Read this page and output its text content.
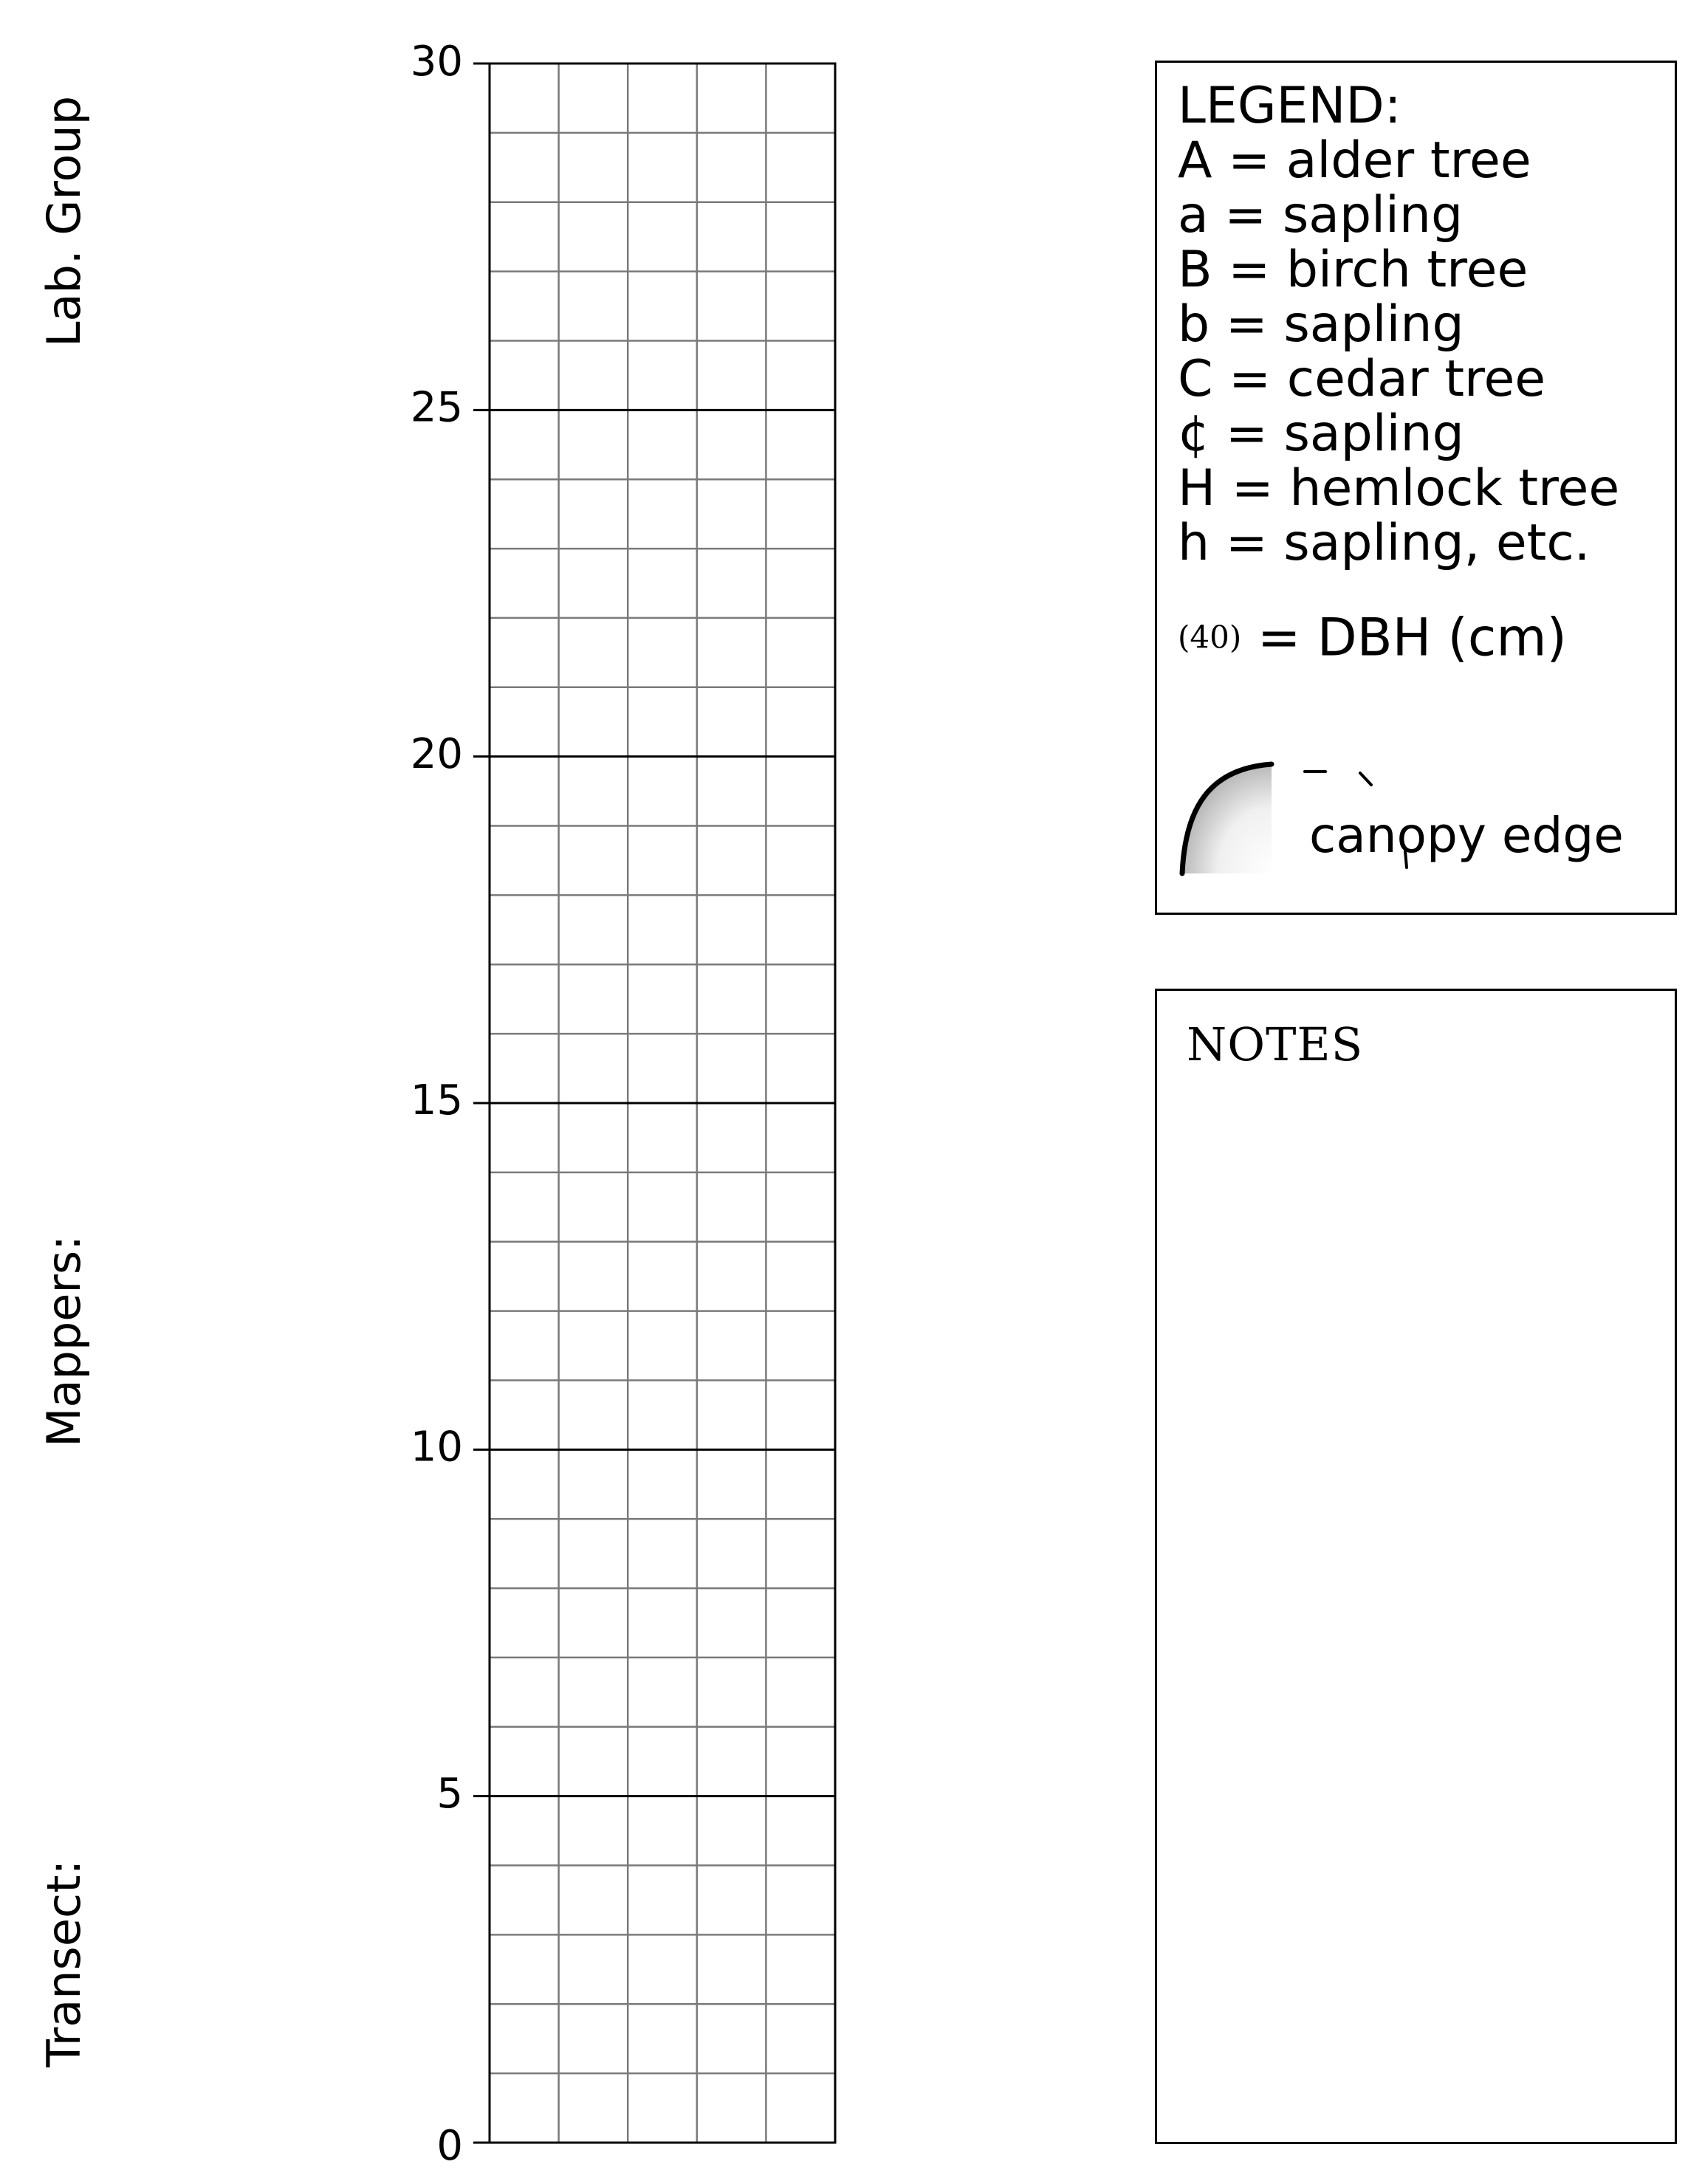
Lab. Group
Mappers:
Transect:
0
5
10
15
20
25
30
LEGEND:
A = alder tree
a = sapling
B = birch tree
b = sapling
C = cedar tree
¢ = sapling
H = hemlock tree
h = sapling, etc.
(40) = DBH (cm)
canopy edge
NOTES
